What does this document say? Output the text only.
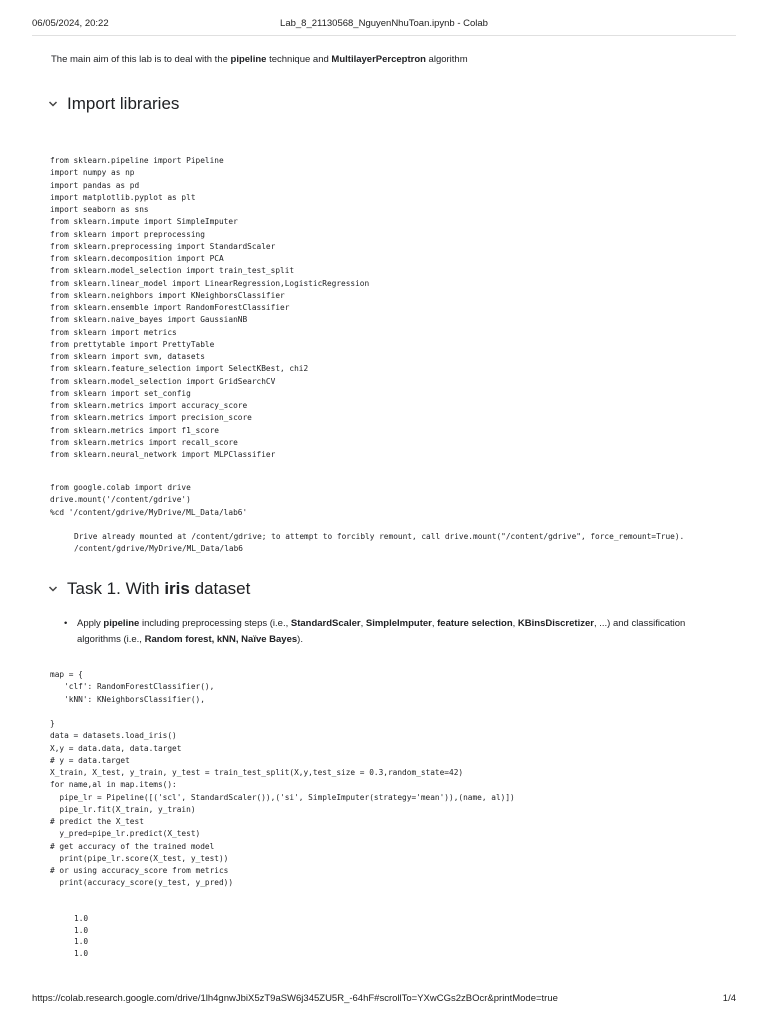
06/05/2024, 20:22	Lab_8_21130568_NguyenNhuToan.ipynb - Colab
The main aim of this lab is to deal with the pipeline technique and MultilayerPerceptron algorithm
Import libraries
from sklearn.pipeline import Pipeline
import numpy as np
import pandas as pd
import matplotlib.pyplot as plt
import seaborn as sns
from sklearn.impute import SimpleImputer
from sklearn import preprocessing
from sklearn.preprocessing import StandardScaler
from sklearn.decomposition import PCA
from sklearn.model_selection import train_test_split
from sklearn.linear_model import LinearRegression,LogisticRegression
from sklearn.neighbors import KNeighborsClassifier
from sklearn.ensemble import RandomForestClassifier
from sklearn.naive_bayes import GaussianNB
from sklearn import metrics
from prettytable import PrettyTable
from sklearn import svm, datasets
from sklearn.feature_selection import SelectKBest, chi2
from sklearn.model_selection import GridSearchCV
from sklearn import set_config
from sklearn.metrics import accuracy_score
from sklearn.metrics import precision_score
from sklearn.metrics import f1_score
from sklearn.metrics import recall_score
from sklearn.neural_network import MLPClassifier
from google.colab import drive
drive.mount('/content/gdrive')
%cd '/content/gdrive/MyDrive/ML_Data/lab6'
Drive already mounted at /content/gdrive; to attempt to forcibly remount, call drive.mount("/content/gdrive", force_remount=True).
/content/gdrive/MyDrive/ML_Data/lab6
Task 1. With iris dataset
• Apply pipeline including preprocessing steps (i.e., StandardScaler, SimpleImputer, feature selection, KBinsDiscretizer, ...) and classification algorithms (i.e., Random forest, kNN, Naïve Bayes).
map = {
'clf': RandomForestClassifier(),
'kNN': KNeighborsClassifier(),

}
data = datasets.load_iris()
X,y = data.data, data.target
# y = data.target
X_train, X_test, y_train, y_test = train_test_split(X,y,test_size = 0.3,random_state=42)
for name,al in map.items():
pipe_lr = Pipeline([('scl', StandardScaler()),('si', SimpleImputer(strategy='mean')),(name, al)])
pipe_lr.fit(X_train, y_train)
# predict the X_test
y_pred=pipe_lr.predict(X_test)
# get accuracy of the trained model
print(pipe_lr.score(X_test, y_test))
# or using accuracy_score from metrics
print(accuracy_score(y_test, y_pred))
1.0
1.0
1.0
1.0
https://colab.research.google.com/drive/1lh4gnwJbiX5zT9aSW6j345ZU5R_-64hF#scrollTo=YXwCGs2zBOcr&printMode=true	1/4
